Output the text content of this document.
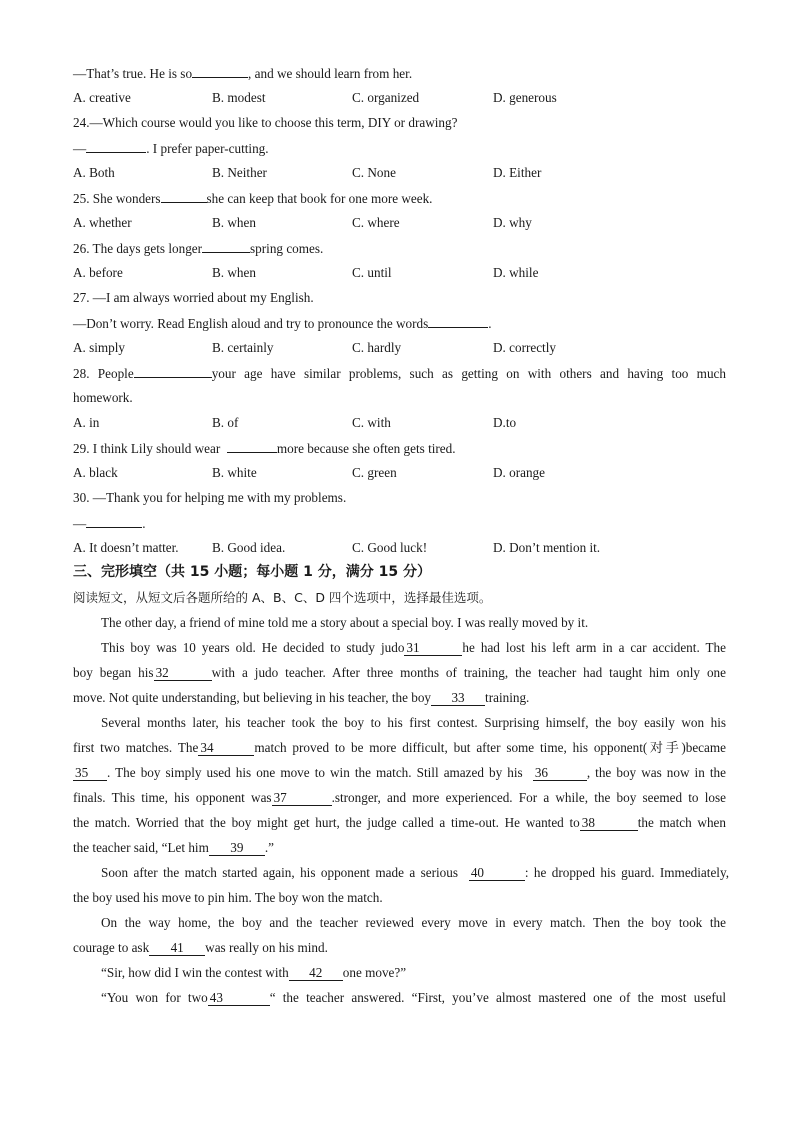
—That’s true. He is so	, and we should learn from her.
A. creative	B. modest	C. organized	D. generous
24.—Which course would you like to choose this term, DIY or drawing?
—	. I prefer paper-cutting.
A. Both	B. Neither	C. None	D. Either
25. She wonders	she can keep that book for one more week.
A. whether	B. when	C. where	D. why
26. The days gets longer	spring comes.
A. before	B. when	C. until	D. while
27. —I am always worried about my English.
—Don’t worry. Read English aloud and try to pronounce the words	.
A. simply	B. certainly	C. hardly	D. correctly
28. People	your age have similar problems, such as getting on with others and having too much
homework.
A. in	B. of	C. with	D.to
29. I think Lily should wear	more because she often gets tired.
A. black	B. white	C. green	D. orange
30. —Thank you for helping me with my problems.
—	.
A. It doesn’t matter.	B. Good idea.	C. Good luck!	D. Don’t mention it.
三、完形填空（共 15 小题；每小题 1 分，满分 15 分）
阅读短文，从短文后各题所给的 A、B、C、D 四个选项中，选择最佳选项。
The other day, a friend of mine told me a story about a special boy. I was really moved by it.
This boy was 10 years old. He decided to study judo 31	he had lost his left arm in a car accident. The
boy began his 32	with a judo teacher. After three months of training, the teacher had taught him only one
move. Not quite understanding, but believing in his teacher, the boy 33 training.
Several months later, his teacher took the boy to his first contest. Surprising himself, the boy easily won his
first two matches. The 34	match proved to be more difficult, but after some time, his opponent(对手)became
35 . The boy simply used his one move to win the match. Still amazed by his 36	, the boy was now in the
finals. This time, his opponent was 37	.stronger, and more experienced. For a while, the boy seemed to lose
the match. Worried that the boy might get hurt, the judge called a time-out. He wanted to 38	the match when
the teacher said, “Let him 39 .”
Soon after the match started again, his opponent made a serious 40	: he dropped his guard. Immediately,
the boy used his move to pin him. The boy won the match.
On the way home, the boy and the teacher reviewed every move in every match. Then the boy took the
courage to ask 41 was really on his mind.
“Sir, how did I win the contest with 42 one move?”
“You won for two 43	“ the teacher answered. “First, you’ve almost mastered one of the most useful
